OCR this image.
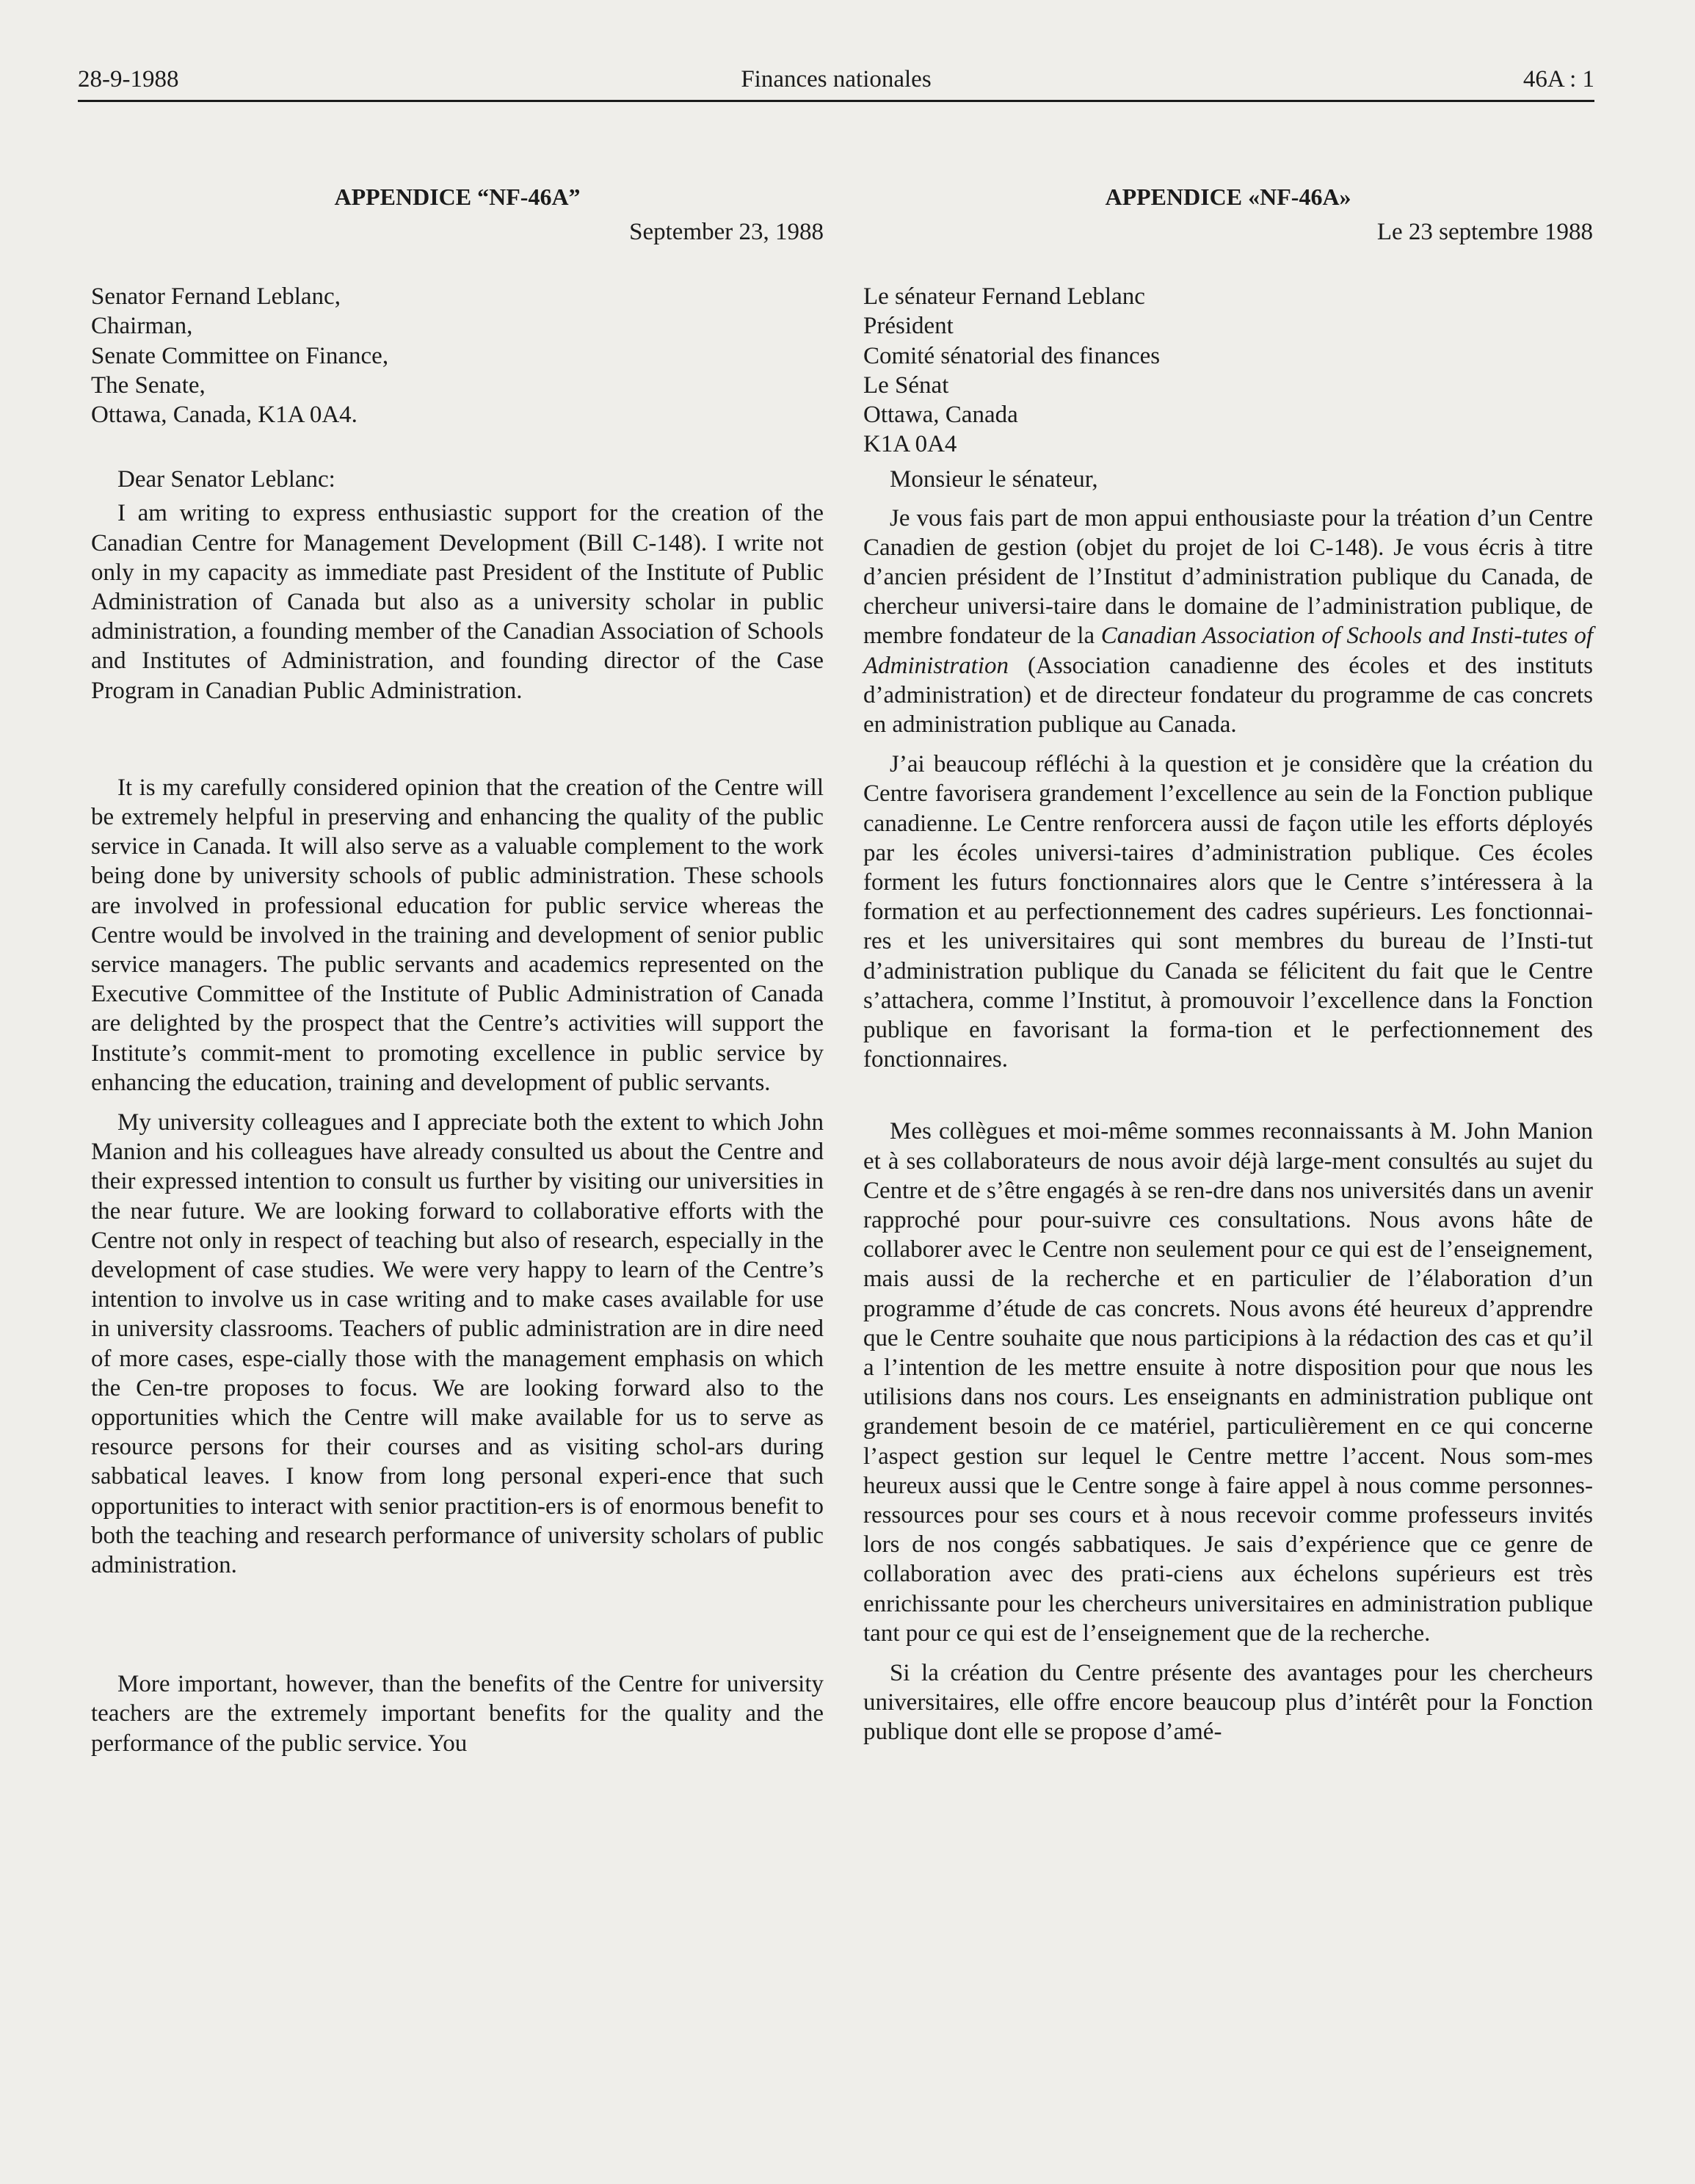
Finances nationales
28-9-1988	46A : 1
APPENDICE “NF-46A”

September 23, 1988

Senator Fernand Leblanc,
Chairman,
Senate Committee on Finance,
The Senate,
Ottawa, Canada, K1A 0A4.

Dear Senator Leblanc:

I am writing to express enthusiastic support for the creation of the Canadian Centre for Management Development (Bill C-148). I write not only in my capacity as immediate past President of the Institute of Public Administration of Canada but also as a university scholar in public administration, a founding member of the Canadian Association of Schools and Institutes of Administration, and founding director of the Case Program in Canadian Public Administration.

It is my carefully considered opinion that the creation of the Centre will be extremely helpful in preserving and enhancing the quality of the public service in Canada. It will also serve as a valuable complement to the work being done by university schools of public administration. These schools are involved in professional education for public service whereas the Centre would be involved in the training and development of senior public service managers. The public servants and academics represented on the Executive Committee of the Institute of Public Administration of Canada are delighted by the prospect that the Centre’s activities will support the Institute’s commit-ment to promoting excellence in public service by enhancing the education, training and development of public servants.

My university colleagues and I appreciate both the extent to which John Manion and his colleagues have already consulted us about the Centre and their expressed intention to consult us further by visiting our universities in the near future. We are looking forward to collaborative efforts with the Centre not only in respect of teaching but also of research, especially in the development of case studies. We were very happy to learn of the Centre’s intention to involve us in case writing and to make cases available for use in university classrooms. Teachers of public administration are in dire need of more cases, espe-cially those with the management emphasis on which the Cen-tre proposes to focus. We are looking forward also to the opportunities which the Centre will make available for us to serve as resource persons for their courses and as visiting schol-ars during sabbatical leaves. I know from long personal experi-ence that such opportunities to interact with senior practition-ers is of enormous benefit to both the teaching and research performance of university scholars of public administration.

More important, however, than the benefits of the Centre for university teachers are the extremely important benefits for the quality and the performance of the public service. You

APPENDICE «NF-46A»

Le 23 septembre 1988

Le sénateur Fernand Leblanc
Président
Comité sénatorial des finances
Le Sénat
Ottawa, Canada
K1A 0A4

Monsieur le sénateur,

Je vous fais part de mon appui enthousiaste pour la tréation d’un Centre Canadien de gestion (objet du projet de loi C-148). Je vous écris à titre d’ancien président de l’Institut d’administration publique du Canada, de chercheur universi-taire dans le domaine de l’administration publique, de membre fondateur de la Canadian Association of Schools and Insti-tutes of Administration (Association canadienne des écoles et des instituts d’administration) et de directeur fondateur du programme de cas concrets en administration publique au Canada.

J’ai beaucoup réfléchi à la question et je considère que la création du Centre favorisera grandement l’excellence au sein de la Fonction publique canadienne. Le Centre renforcera aussi de façon utile les efforts déployés par les écoles universi-taires d’administration publique. Ces écoles forment les futurs fonctionnaires alors que le Centre s’intéressera à la formation et au perfectionnement des cadres supérieurs. Les fonctionnai-res et les universitaires qui sont membres du bureau de l’Insti-tut d’administration publique du Canada se félicitent du fait que le Centre s’attachera, comme l’Institut, à promouvoir l’excellence dans la Fonction publique en favorisant la forma-tion et le perfectionnement des fonctionnaires.

Mes collègues et moi-même sommes reconnaissants à M. John Manion et à ses collaborateurs de nous avoir déjà large-ment consultés au sujet du Centre et de s’être engagés à se ren-dre dans nos universités dans un avenir rapproché pour pour-suivre ces consultations. Nous avons hâte de collaborer avec le Centre non seulement pour ce qui est de l’enseignement, mais aussi de la recherche et en particulier de l’élaboration d’un programme d’étude de cas concrets. Nous avons été heureux d’apprendre que le Centre souhaite que nous participions à la rédaction des cas et qu’il a l’intention de les mettre ensuite à notre disposition pour que nous les utilisions dans nos cours. Les enseignants en administration publique ont grandement besoin de ce matériel, particulièrement en ce qui concerne l’aspect gestion sur lequel le Centre mettre l’accent. Nous som-mes heureux aussi que le Centre songe à faire appel à nous comme personnes-ressources pour ses cours et à nous recevoir comme professeurs invités lors de nos congés sabbatiques. Je sais d’expérience que ce genre de collaboration avec des prati-ciens aux échelons supérieurs est très enrichissante pour les chercheurs universitaires en administration publique tant pour ce qui est de l’enseignement que de la recherche.

Si la création du Centre présente des avantages pour les chercheurs universitaires, elle offre encore beaucoup plus d’intérêt pour la Fonction publique dont elle se propose d’amé-
